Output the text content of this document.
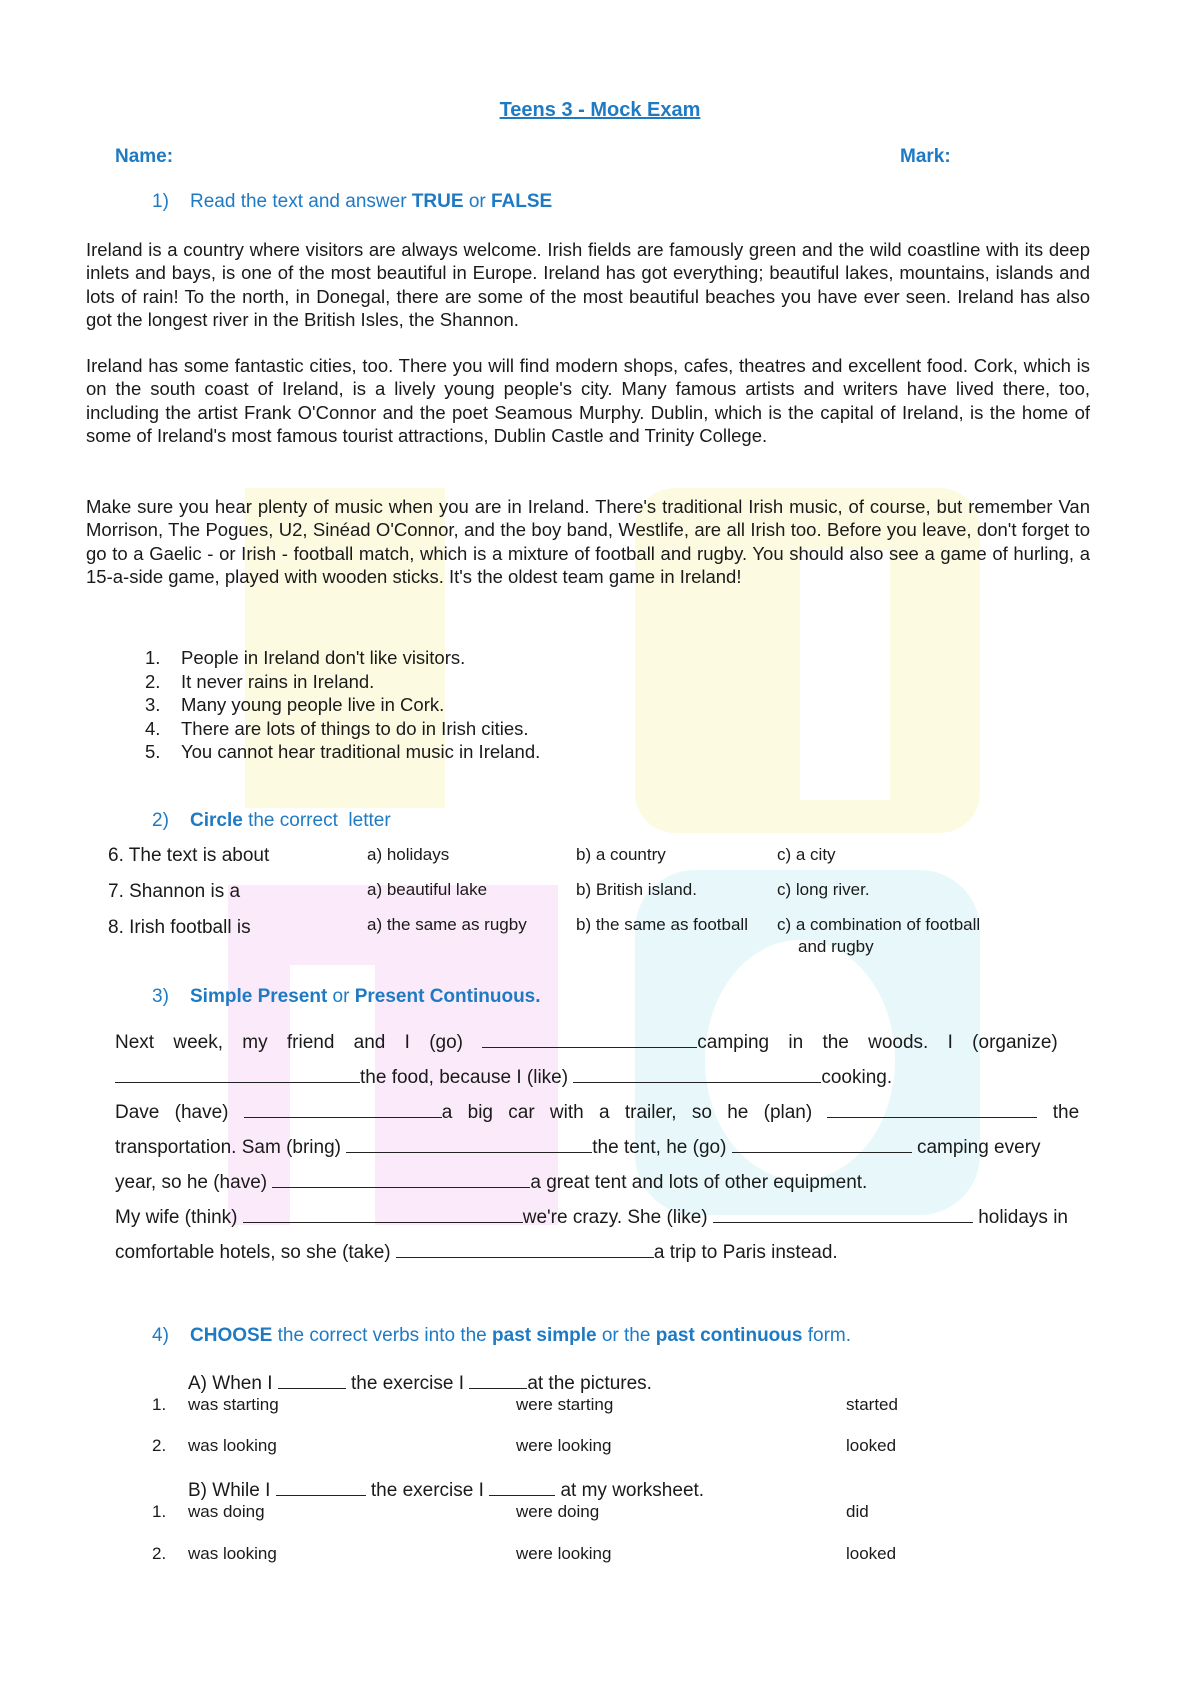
Teens 3 - Mock Exam
Name:	Mark:
1) Read the text and answer TRUE or FALSE
Ireland is a country where visitors are always welcome. Irish fields are famously green and the wild coastline with its deep inlets and bays, is one of the most beautiful in Europe. Ireland has got everything; beautiful lakes, mountains, islands and lots of rain! To the north, in Donegal, there are some of the most beautiful beaches you have ever seen. Ireland has also got the longest river in the British Isles, the Shannon.
Ireland has some fantastic cities, too. There you will find modern shops, cafes, theatres and excellent food. Cork, which is on the south coast of Ireland, is a lively young people's city. Many famous artists and writers have lived there, too, including the artist Frank O'Connor and the poet Seamous Murphy. Dublin, which is the capital of Ireland, is the home of some of Ireland's most famous tourist attractions, Dublin Castle and Trinity College.
Make sure you hear plenty of music when you are in Ireland. There's traditional Irish music, of course, but remember Van Morrison, The Pogues, U2, Sinéad O'Connor, and the boy band, Westlife, are all Irish too. Before you leave, don't forget to go to a Gaelic - or Irish - football match, which is a mixture of football and rugby. You should also see a game of hurling, a 15-a-side game, played with wooden sticks. It's the oldest team game in Ireland!
1. People in Ireland don't like visitors.
2. It never rains in Ireland.
3. Many young people live in Cork.
4. There are lots of things to do in Irish cities.
5. You cannot hear traditional music in Ireland.
2) Circle the correct  letter
6. The text is about	a) holidays	b) a country	c) a city
7. Shannon is a	a) beautiful lake	b) British island.	c) long river.
8. Irish football is	a) the same as rugby	b) the same as football c) a combination of football
and rugby
3) Simple Present or Present Continuous.
Next week, my friend and I (go)	camping in the woods. I (organize)
the food, because I (like)	cooking.
Dave (have)	a big car with a trailer, so he (plan)	the
transportation. Sam (bring)	the tent, he (go)	camping every
year, so he (have)	a great tent and lots of other equipment.
My wife (think)	we're crazy. She (like)	holidays in
comfortable hotels, so she (take)	a trip to Paris instead.
4) CHOOSE the correct verbs into the past simple or the past continuous form.
A) When I	the exercise I	at the pictures.
1. was starting	were starting	started
2. was looking	were looking	looked
B) While I	the exercise I	at my worksheet.
1. was doing	were doing	did
2. was looking	were looking	looked
